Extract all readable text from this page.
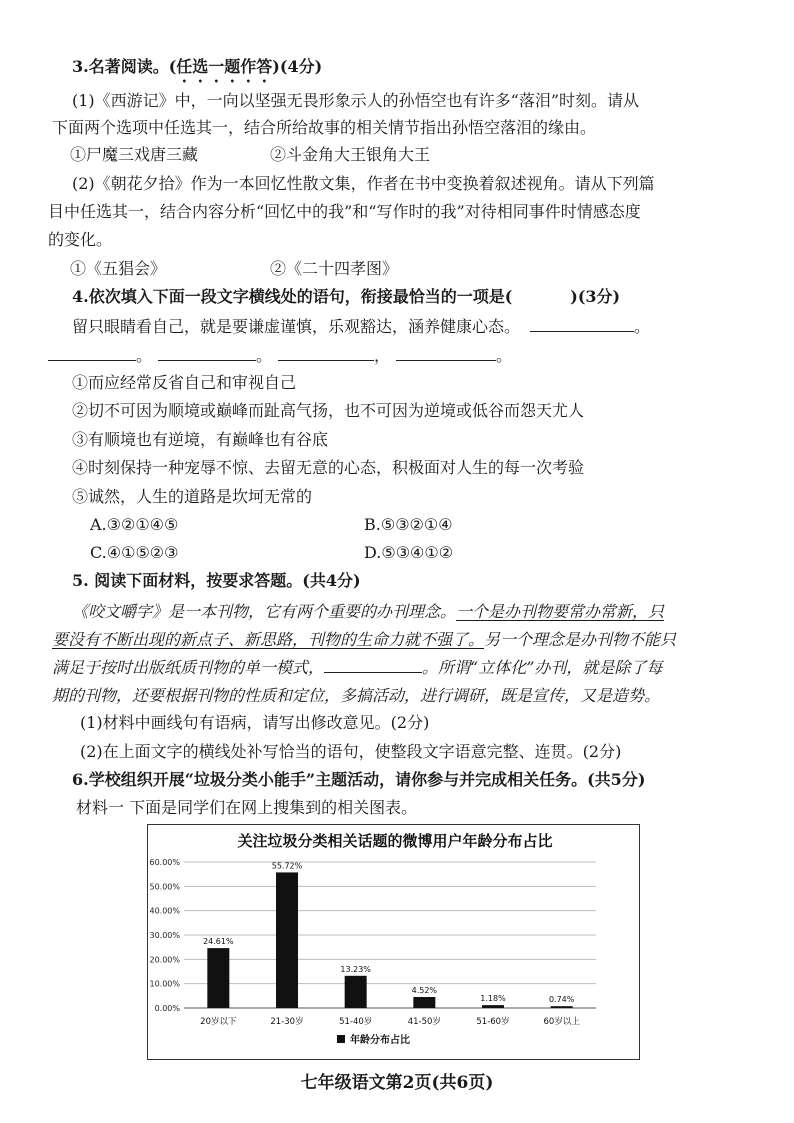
3.名著阅读。(任选一题作答)(4分)
(1)《西游记》中，一向以坚强无畏形象示人的孙悟空也有许多“落泪”时刻。请从
下面两个选项中任选其一，结合所给故事的相关情节指出孙悟空落泪的缘由。
①尸魔三戏唐三藏	②斗金角大王银角大王
(2)《朝花夕拾》作为一本回忆性散文集，作者在书中变换着叙述视角。请从下列篇
目中任选其一，结合内容分析“回忆中的我”和“写作时的我”对待相同事件时情感态度
的变化。
①《五猖会》	②《二十四孝图》
4.依次填入下面一段文字横线处的语句，衔接最恰当的一项是(	)(3分)
留只眼睛看自己，就是要谦虚谨慎，乐观豁达，涵养健康心态。	。
。	。	，	。
①而应经常反省自己和审视自己
②切不可因为顺境或巅峰而趾高气扬，也不可因为逆境或低谷而怨天尤人
③有顺境也有逆境，有巅峰也有谷底
④时刻保持一种宠辱不惊、去留无意的心态，积极面对人生的每一次考验
⑤诚然，人生的道路是坎坷无常的
A.③②①④⑤	B.⑤③②①④
C.④①⑤②③	D.⑤③④①②
5. 阅读下面材料，按要求答题。(共4分)
《咬文嚼字》是一本刊物，它有两个重要的办刊理念。一个是办刊物要常办常新，只
要没有不断出现的新点子、新思路，刊物的生命力就不强了。另一个理念是办刊物不能只
满足于按时出版纸质刊物的单一模式，	。所谓“立体化”办刊，就是除了每
期的刊物，还要根据刊物的性质和定位，多搞活动，进行调研，既是宣传，又是造势。
(1)材料中画线句有语病，请写出修改意见。(2分)
(2)在上面文字的横线处补写恰当的语句，使整段文字语意完整、连贯。(2分)
6.学校组织开展“垃圾分类小能手”主题活动，请你参与并完成相关任务。(共5分)
材料一 下面是同学们在网上搜集到的相关图表。
关注垃圾分类相关话题的微博用户年龄分布占比
0.00%
10.00%
20.00%
30.00%
40.00%
50.00%
60.00%
24.61%
20岁以下
55.72%
21-30岁
13.23%
51-40岁
4.52%
41-50岁
1.18%
51-60岁
0.74%
60岁以上
年龄分布占比
七年级语文第2页(共6页)
